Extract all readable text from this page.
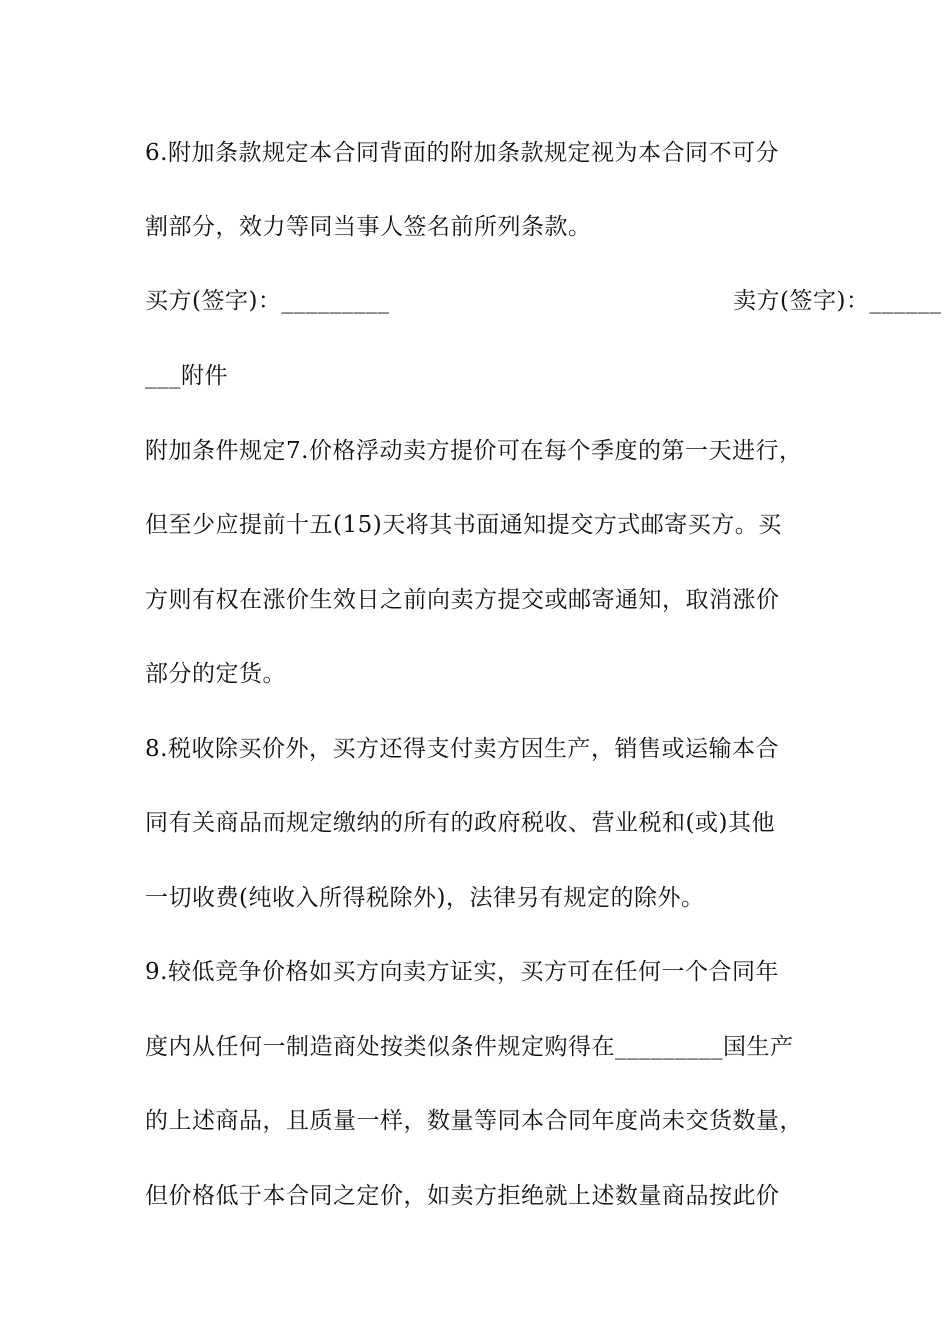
6.附加条款规定本合同背面的附加条款规定视为本合同不可分
割部分，效力等同当事人签名前所列条款。
买方(签字)：_________	卖方(签字)：______
___附件
附加条件规定7.价格浮动卖方提价可在每个季度的第一天进行，
但至少应提前十五(15)天将其书面通知提交方式邮寄买方。买
方则有权在涨价生效日之前向卖方提交或邮寄通知，取消涨价
部分的定货。
8.税收除买价外，买方还得支付卖方因生产，销售或运输本合
同有关商品而规定缴纳的所有的政府税收、营业税和(或)其他
一切收费(纯收入所得税除外)，法律另有规定的除外。
9.较低竞争价格如买方向卖方证实，买方可在任何一个合同年
度内从任何一制造商处按类似条件规定购得在_________国生产
的上述商品，且质量一样，数量等同本合同年度尚未交货数量，
但价格低于本合同之定价，如卖方拒绝就上述数量商品按此价
